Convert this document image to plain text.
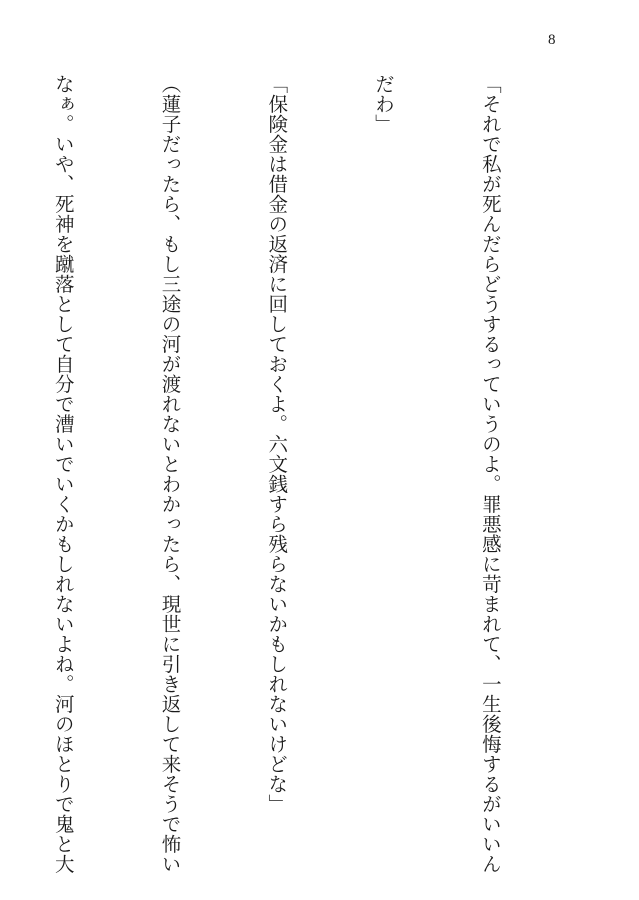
8

「それで私が死んだらどうするっていうのよ。罪悪感に苛まれて、一生後悔するがいいん

だわ」

「保険金は借金の返済に回しておくよ。六文銭すら残らないかもしれないけどな」

（蓮子だったら、もし三途の河が渡れないとわかったら、現世に引き返して来そうで怖い

なぁ。いや、死神を蹴落として自分で漕いでいくかもしれないよね。河のほとりで鬼と大
